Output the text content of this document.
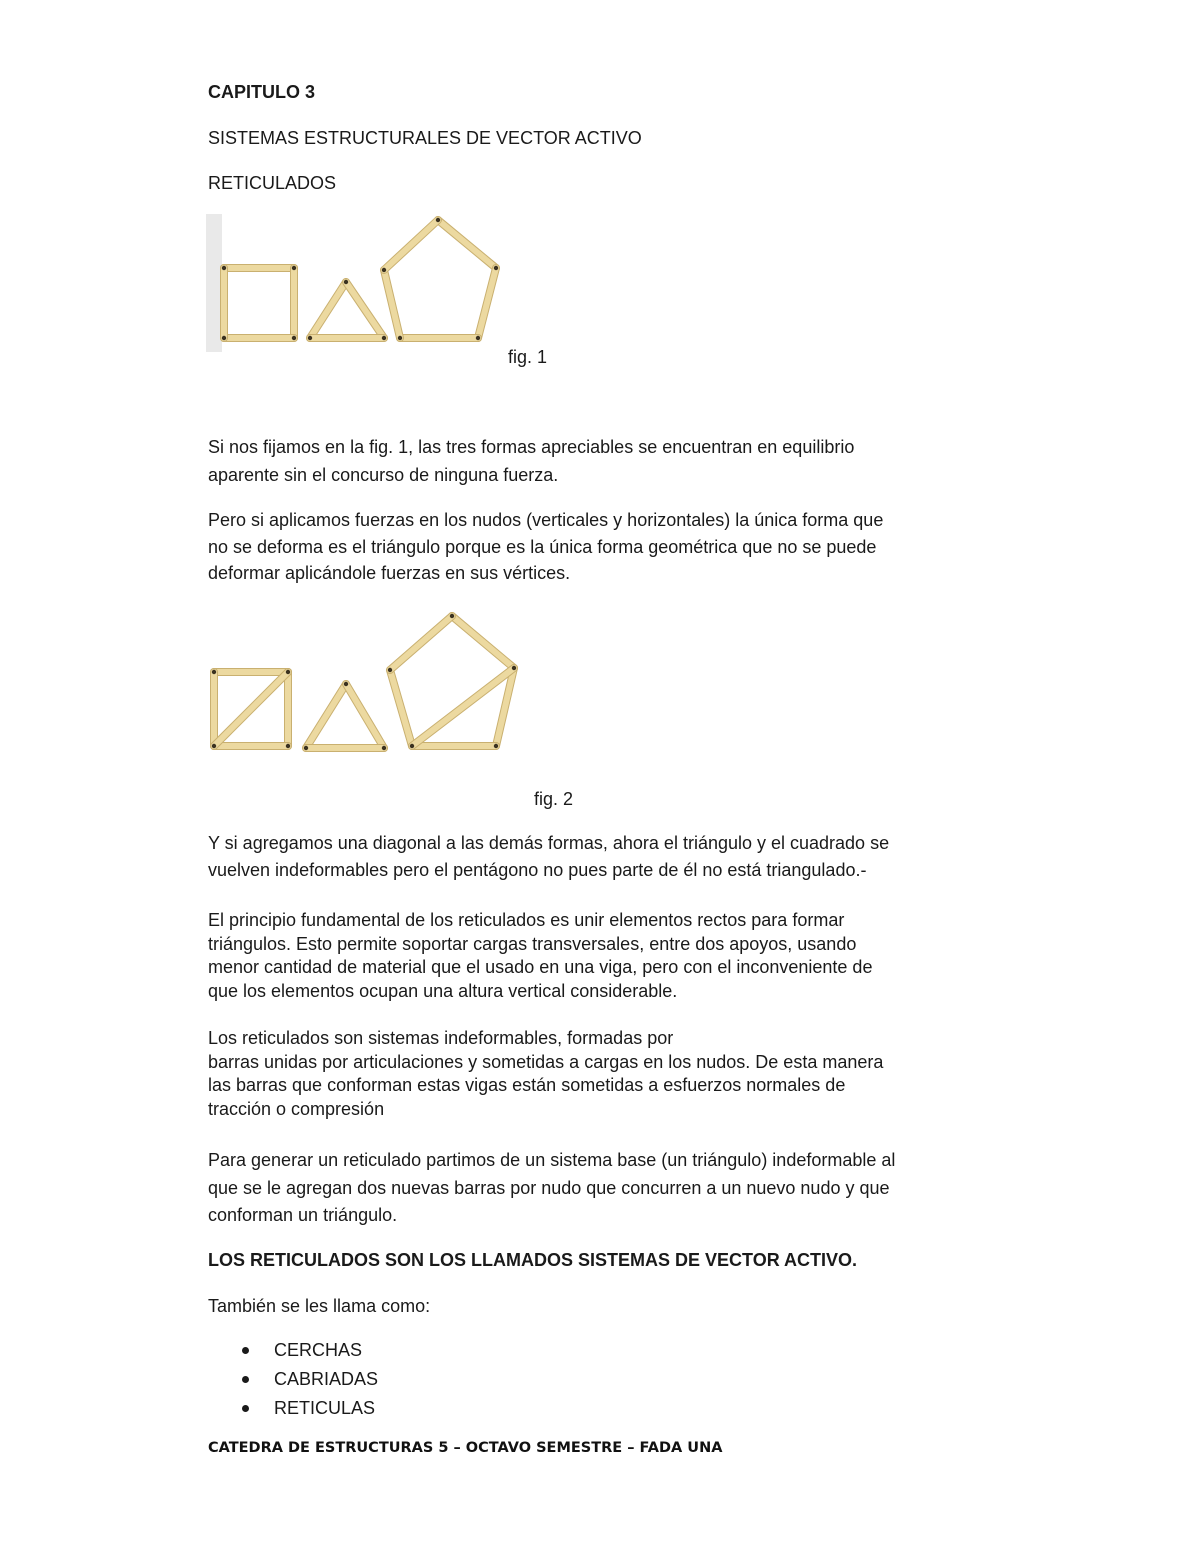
CAPITULO 3
SISTEMAS ESTRUCTURALES DE VECTOR ACTIVO
RETICULADOS
fig. 1
Si nos fijamos en la fig. 1, las tres formas apreciables se encuentran en equilibrio
aparente sin el concurso de ninguna fuerza.
Pero si aplicamos fuerzas en los nudos (verticales y horizontales) la única forma que
no se deforma es el triángulo porque es la única forma geométrica que no se puede
deformar aplicándole fuerzas en sus vértices.
fig. 2
Y si agregamos una diagonal a las demás formas, ahora el triángulo y el cuadrado se
vuelven indeformables pero el pentágono no pues parte de él no está triangulado.-
El principio fundamental de los reticulados es unir elementos rectos para formar
triángulos. Esto permite soportar cargas transversales, entre dos apoyos, usando
menor cantidad de material que el usado en una viga, pero con el inconveniente de
que los elementos ocupan una altura vertical considerable.
Los reticulados son sistemas indeformables, formadas por
barras unidas por articulaciones y sometidas a cargas en los nudos. De esta manera
las barras que conforman estas vigas están sometidas a esfuerzos normales de
tracción o compresión
Para generar un reticulado partimos de un sistema base (un triángulo) indeformable al
que se le agregan dos nuevas barras por nudo que concurren a un nuevo nudo y que
conforman un triángulo.
LOS RETICULADOS SON LOS LLAMADOS SISTEMAS DE VECTOR ACTIVO.
También se les llama como:
CERCHAS
CABRIADAS
RETICULAS
CATEDRA DE ESTRUCTURAS 5 – OCTAVO SEMESTRE – FADA UNA
